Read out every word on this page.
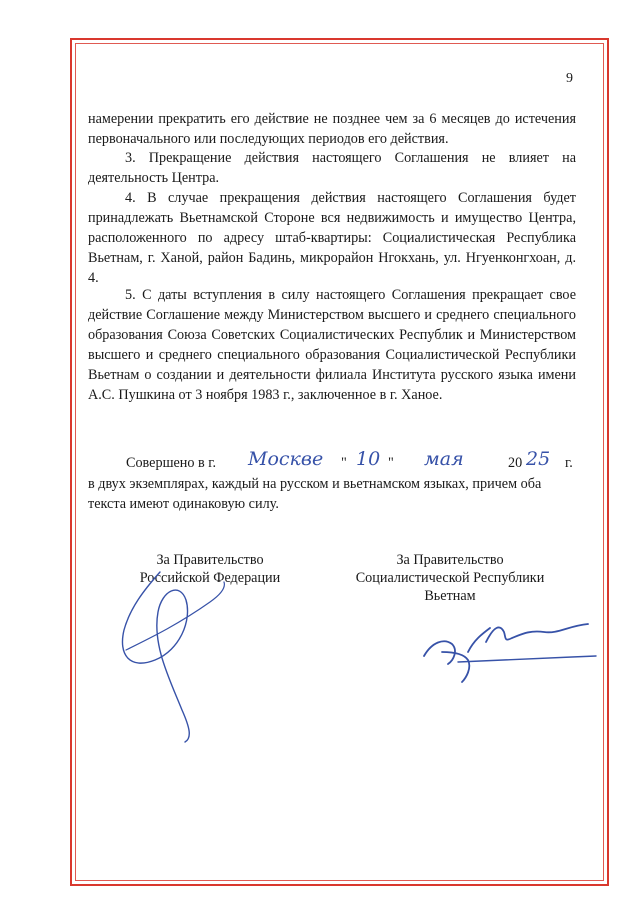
9
намерении прекратить его действие не позднее чем за 6 месяцев до истечения первоначального или последующих периодов его действия.
3. Прекращение действия настоящего Соглашения не влияет на деятельность Центра.
4. В случае прекращения действия настоящего Соглашения будет принадлежать Вьетнамской Стороне вся недвижимость и имущество Центра, расположенного по адресу штаб-квартиры: Социалистическая Республика Вьетнам, г. Ханой, район Бадинь, микрорайон Нгокхань, ул. Нгуенконгхоан, д. 4.
5. С даты вступления в силу настоящего Соглашения прекращает свое действие Соглашение между Министерством высшего и среднего специального образования Союза Советских Социалистических Республик и Министерством высшего и среднего специального образования Социалистической Республики Вьетнам о создании и деятельности филиала Института русского языка имени А.С. Пушкина от 3 ноября 1983 г., заключенное в г. Ханое.
Совершено в г. Москве " 10 " мая	20 25 г.
в двух экземплярах, каждый на русском и вьетнамском языках, причем оба текста имеют одинаковую силу.
За Правительство
Российской Федерации
За Правительство
Социалистической Республики
Вьетнам
